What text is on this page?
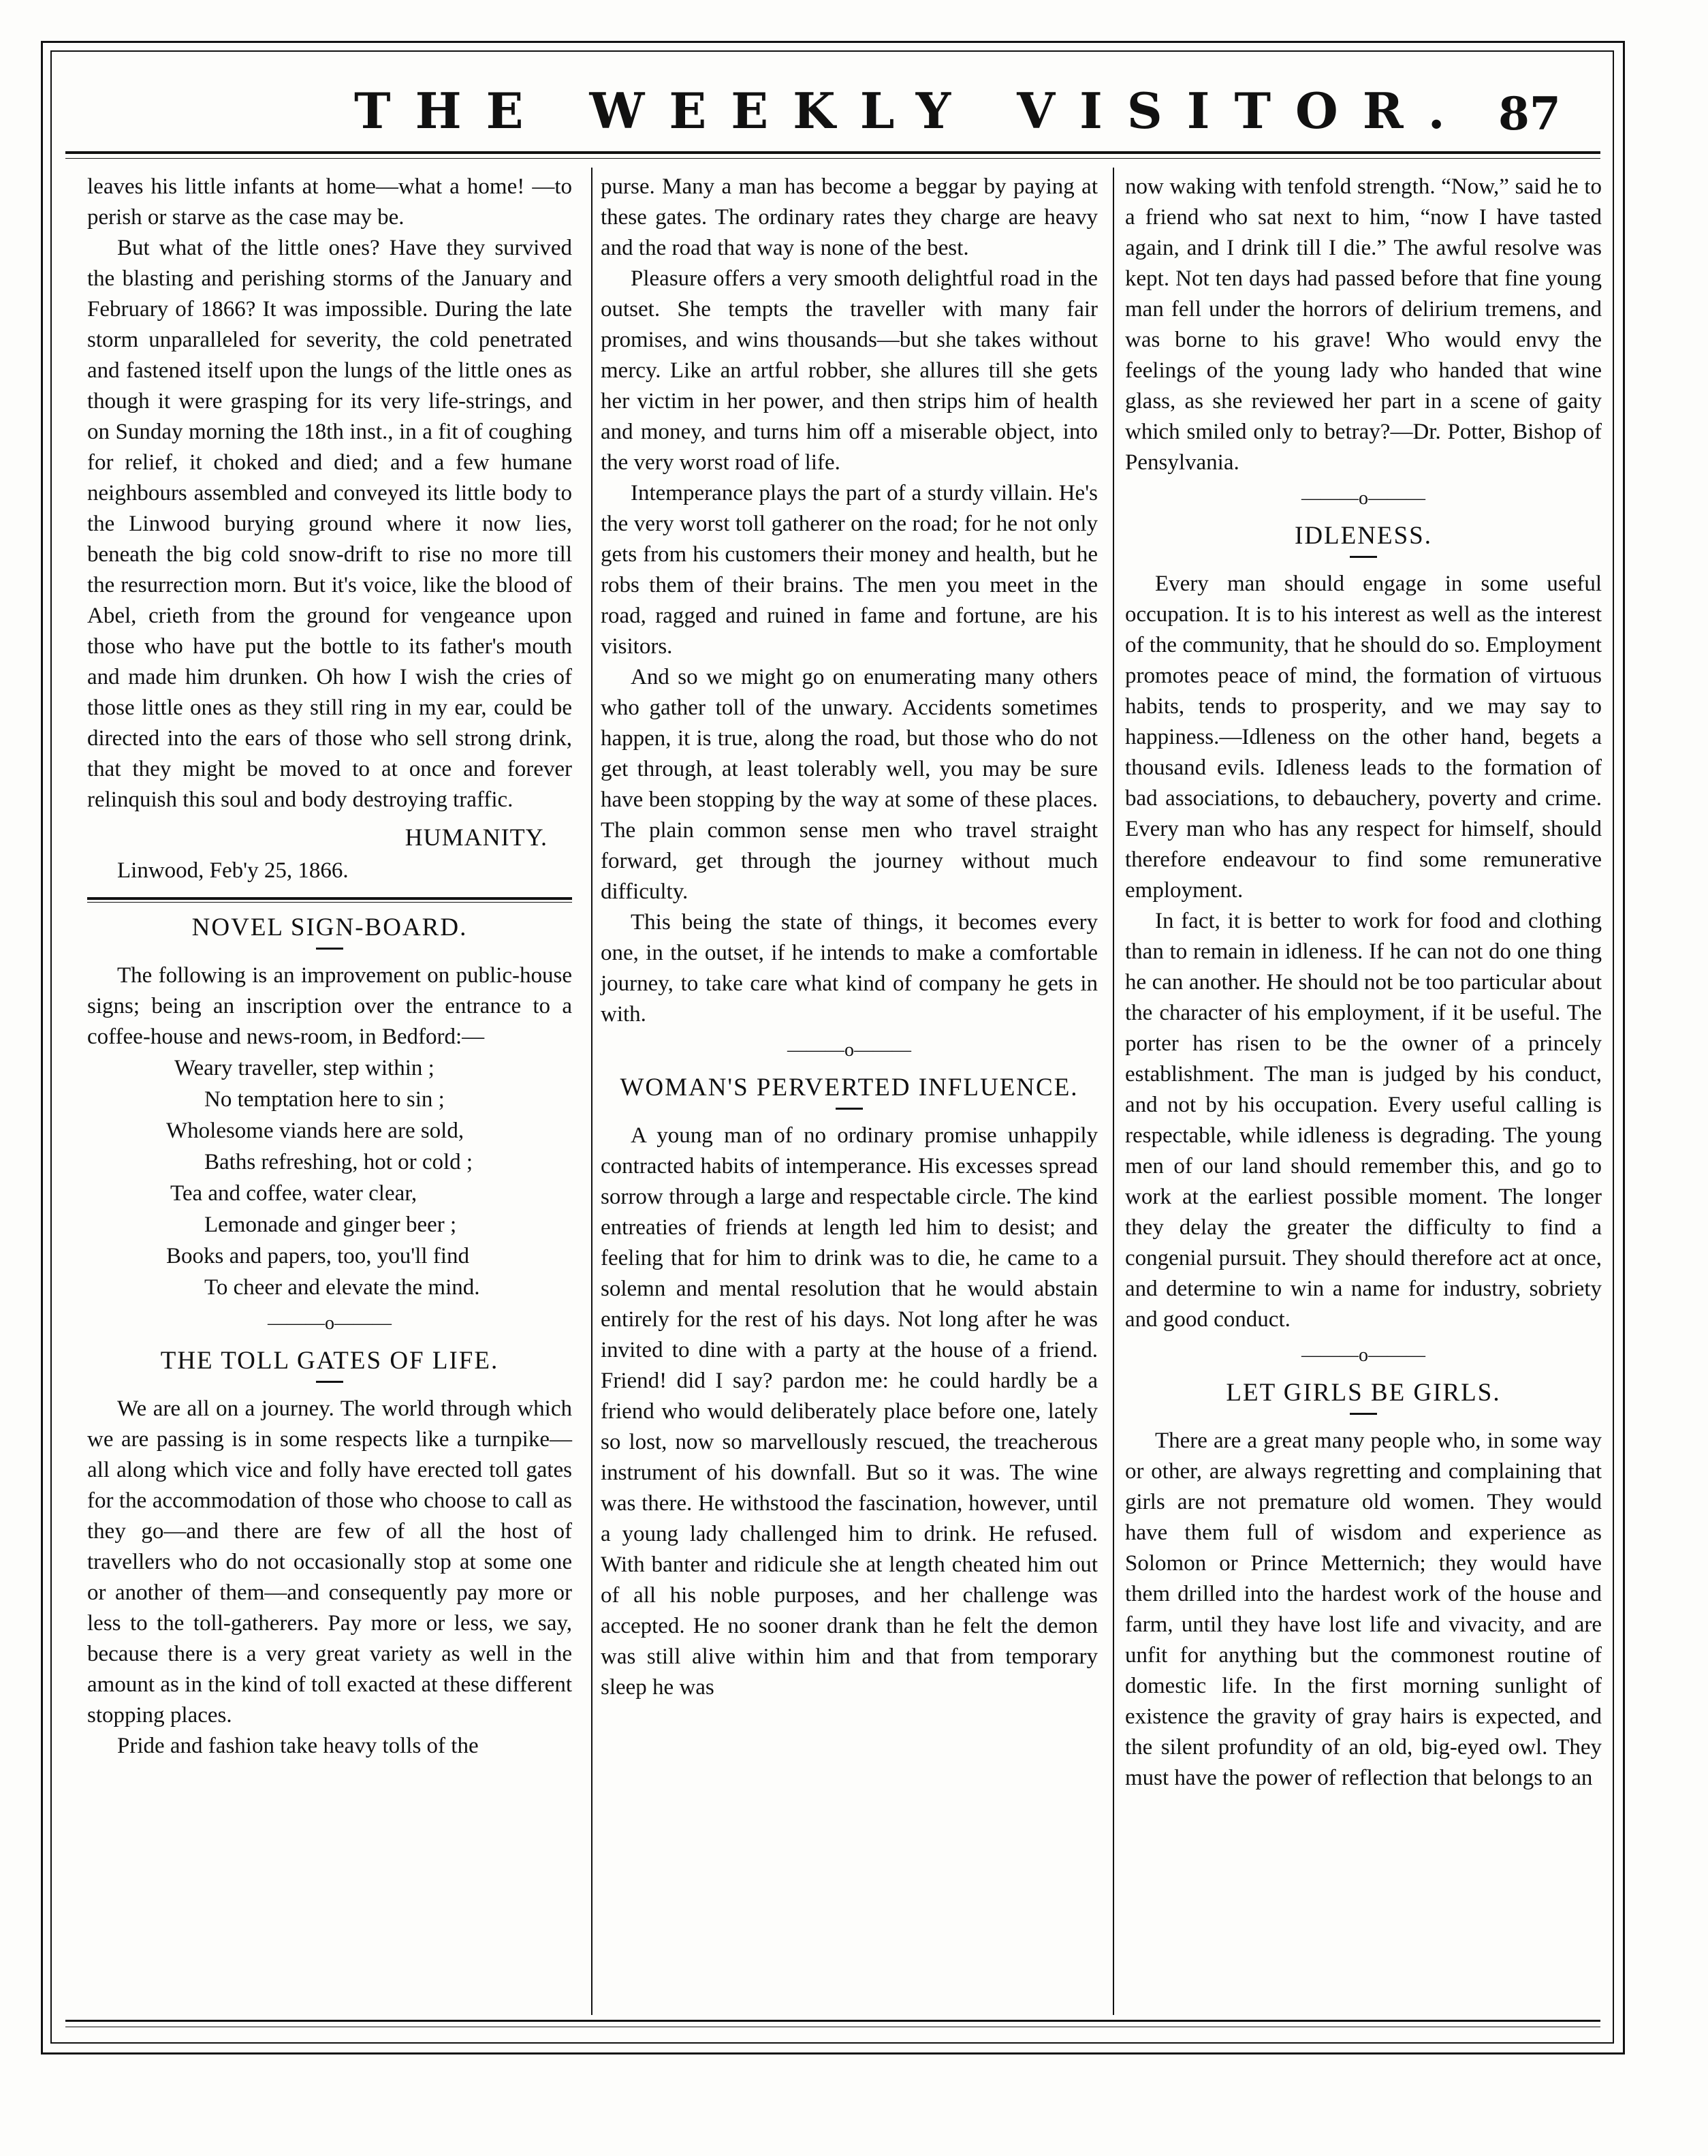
THE WEEKLY VISITOR. 87

leaves his little infants at home—what a home! —to perish or starve as the case may be.

But what of the little ones? Have they survived the blasting and perishing storms of the January and February of 1866? It was impossible. During the late storm unparalleled for severity, the cold penetrated and fastened itself upon the lungs of the little ones as though it were grasping for its very life-strings, and on Sunday morning the 18th inst., in a fit of coughing for relief, it choked and died; and a few humane neighbours assembled and conveyed its little body to the Linwood burying ground where it now lies, beneath the big cold snow-drift to rise no more till the resurrection morn. But it's voice, like the blood of Abel, crieth from the ground for vengeance upon those who have put the bottle to its father's mouth and made him drunken. Oh how I wish the cries of those little ones as they still ring in my ear, could be directed into the ears of those who sell strong drink, that they might be moved to at once and forever relinquish this soul and body destroying traffic.

HUMANITY.
Linwood, Feb'y 25, 1866.
NOVEL SIGN-BOARD.

The following is an improvement on public-house signs; being an inscription over the entrance to a coffee-house and news-room, in Bedford:—

Weary traveller, step within ;

No temptation here to sin ;

Wholesome viands here are sold,

Baths refreshing, hot or cold ;

Tea and coffee, water clear,

Lemonade and ginger beer ;

Books and papers, too, you'll find

To cheer and elevate the mind.

———o———
THE TOLL GATES OF LIFE.

We are all on a journey. The world through which we are passing is in some respects like a turnpike—all along which vice and folly have erected toll gates for the accommodation of those who choose to call as they go—and there are few of all the host of travellers who do not occasionally stop at some one or another of them—and consequently pay more or less to the toll-gatherers. Pay more or less, we say, because there is a very great variety as well in the amount as in the kind of toll exacted at these different stopping places.

Pride and fashion take heavy tolls of the

purse. Many a man has become a beggar by paying at these gates. The ordinary rates they charge are heavy and the road that way is none of the best.

Pleasure offers a very smooth delightful road in the outset. She tempts the traveller with many fair promises, and wins thousands—but she takes without mercy. Like an artful robber, she allures till she gets her victim in her power, and then strips him of health and money, and turns him off a miserable object, into the very worst road of life.

Intemperance plays the part of a sturdy villain. He's the very worst toll gatherer on the road; for he not only gets from his customers their money and health, but he robs them of their brains. The men you meet in the road, ragged and ruined in fame and fortune, are his visitors.

And so we might go on enumerating many others who gather toll of the unwary. Accidents sometimes happen, it is true, along the road, but those who do not get through, at least tolerably well, you may be sure have been stopping by the way at some of these places. The plain common sense men who travel straight forward, get through the journey without much difficulty.

This being the state of things, it becomes every one, in the outset, if he intends to make a comfortable journey, to take care what kind of company he gets in with.

———o———
WOMAN'S PERVERTED INFLUENCE.

A young man of no ordinary promise unhappily contracted habits of intemperance. His excesses spread sorrow through a large and respectable circle. The kind entreaties of friends at length led him to desist; and feeling that for him to drink was to die, he came to a solemn and mental resolution that he would abstain entirely for the rest of his days. Not long after he was invited to dine with a party at the house of a friend. Friend! did I say? pardon me: he could hardly be a friend who would deliberately place before one, lately so lost, now so marvellously rescued, the treacherous instrument of his downfall. But so it was. The wine was there. He withstood the fascination, however, until a young lady challenged him to drink. He refused. With banter and ridicule she at length cheated him out of all his noble purposes, and her challenge was accepted. He no sooner drank than he felt the demon was still alive within him and that from temporary sleep he was

now waking with tenfold strength. “Now,” said he to a friend who sat next to him, “now I have tasted again, and I drink till I die.” The awful resolve was kept. Not ten days had passed before that fine young man fell under the horrors of delirium tremens, and was borne to his grave! Who would envy the feelings of the young lady who handed that wine glass, as she reviewed her part in a scene of gaity which smiled only to betray?—Dr. Potter, Bishop of Pensylvania.

———o———
IDLENESS.

Every man should engage in some useful occupation. It is to his interest as well as the interest of the community, that he should do so. Employment promotes peace of mind, the formation of virtuous habits, tends to prosperity, and we may say to happiness.—Idleness on the other hand, begets a thousand evils. Idleness leads to the formation of bad associations, to debauchery, poverty and crime. Every man who has any respect for himself, should therefore endeavour to find some remunerative employment.

In fact, it is better to work for food and clothing than to remain in idleness. If he can not do one thing he can another. He should not be too particular about the character of his employment, if it be useful. The porter has risen to be the owner of a princely establishment. The man is judged by his conduct, and not by his occupation. Every useful calling is respectable, while idleness is degrading. The young men of our land should remember this, and go to work at the earliest possible moment. The longer they delay the greater the difficulty to find a congenial pursuit. They should therefore act at once, and determine to win a name for industry, sobriety and good conduct.

———o———
LET GIRLS BE GIRLS.

There are a great many people who, in some way or other, are always regretting and complaining that girls are not premature old women. They would have them full of wisdom and experience as Solomon or Prince Metternich; they would have them drilled into the hardest work of the house and farm, until they have lost life and vivacity, and are unfit for anything but the commonest routine of domestic life. In the first morning sunlight of existence the gravity of gray hairs is expected, and the silent profundity of an old, big-eyed owl. They must have the power of reflection that belongs to an
